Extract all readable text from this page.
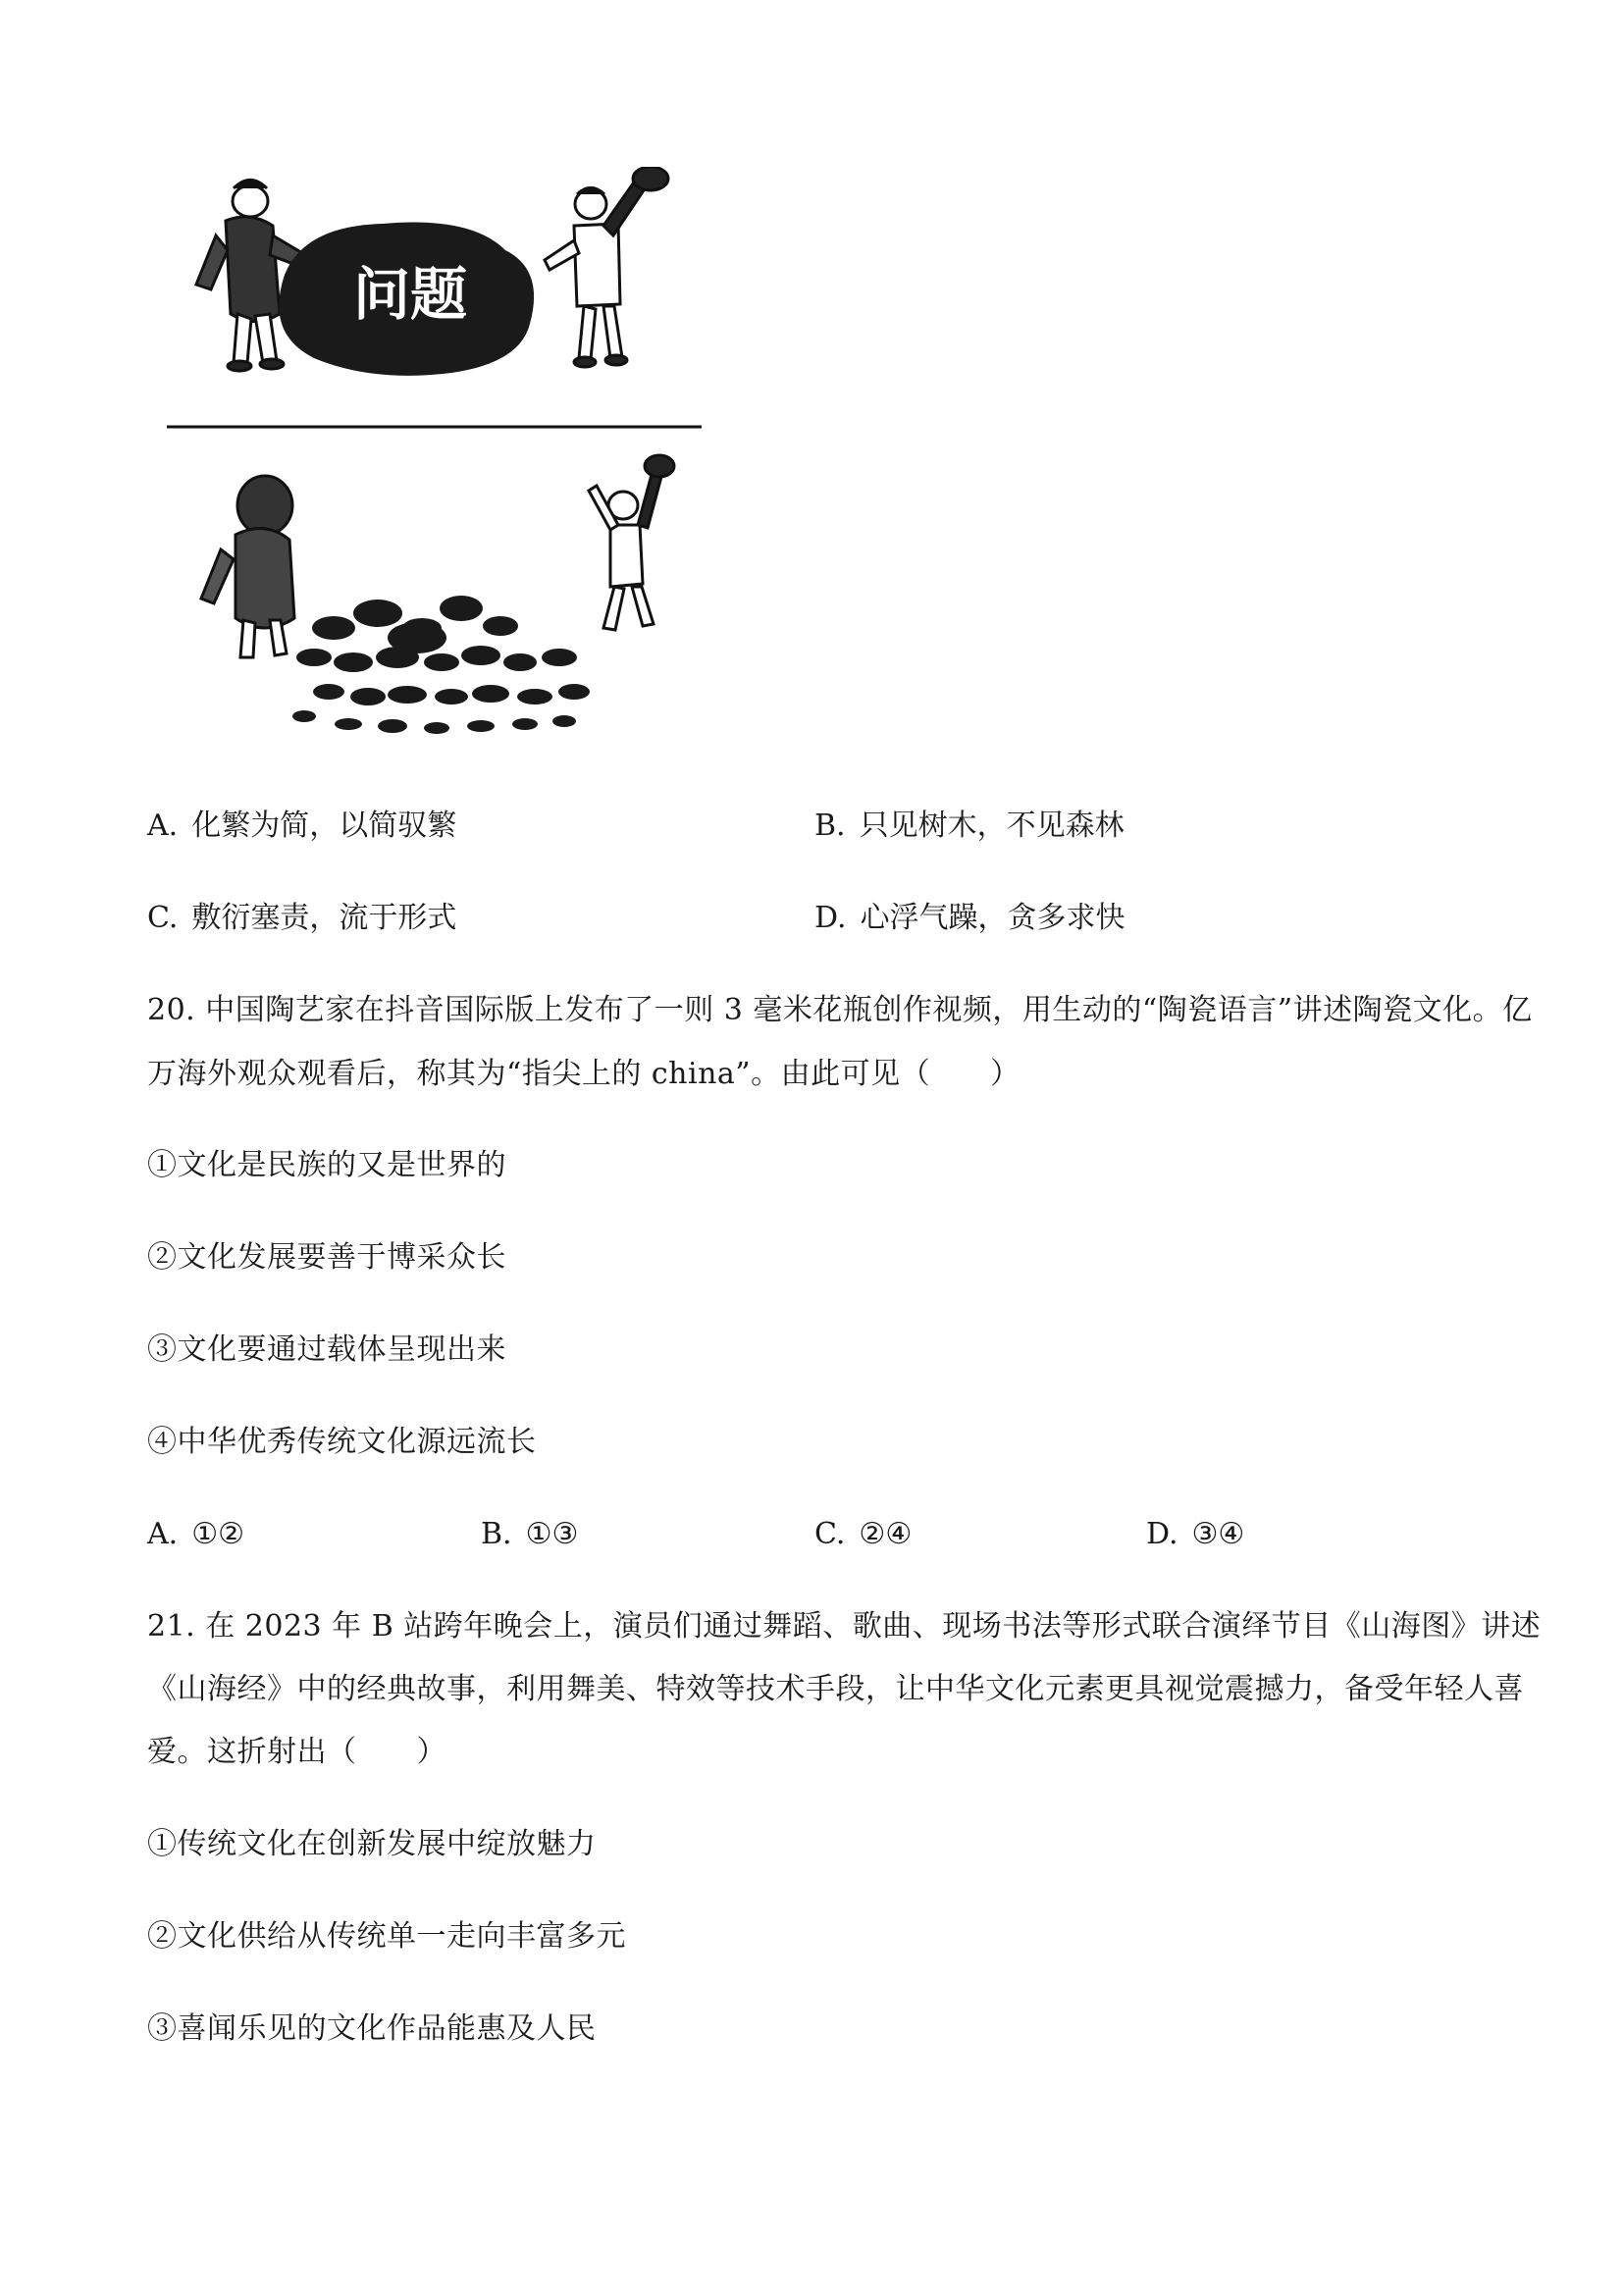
问题
A. 化繁为简，以简驭繁	B. 只见树木，不见森林
C. 敷衍塞责，流于形式	D. 心浮气躁，贪多求快
20. 中国陶艺家在抖音国际版上发布了一则 3 毫米花瓶创作视频，用生动的“陶瓷语言”讲述陶瓷文化。亿
万海外观众观看后，称其为“指尖上的 china”。由此可见（　　）
①文化是民族的又是世界的
②文化发展要善于博采众长
③文化要通过载体呈现出来
④中华优秀传统文化源远流长
A. ①②	B. ①③	C. ②④	D. ③④
21. 在 2023 年 B 站跨年晚会上，演员们通过舞蹈、歌曲、现场书法等形式联合演绎节目《山海图》讲述
《山海经》中的经典故事，利用舞美、特效等技术手段，让中华文化元素更具视觉震撼力，备受年轻人喜
爱。这折射出（　　）
①传统文化在创新发展中绽放魅力
②文化供给从传统单一走向丰富多元
③喜闻乐见的文化作品能惠及人民
